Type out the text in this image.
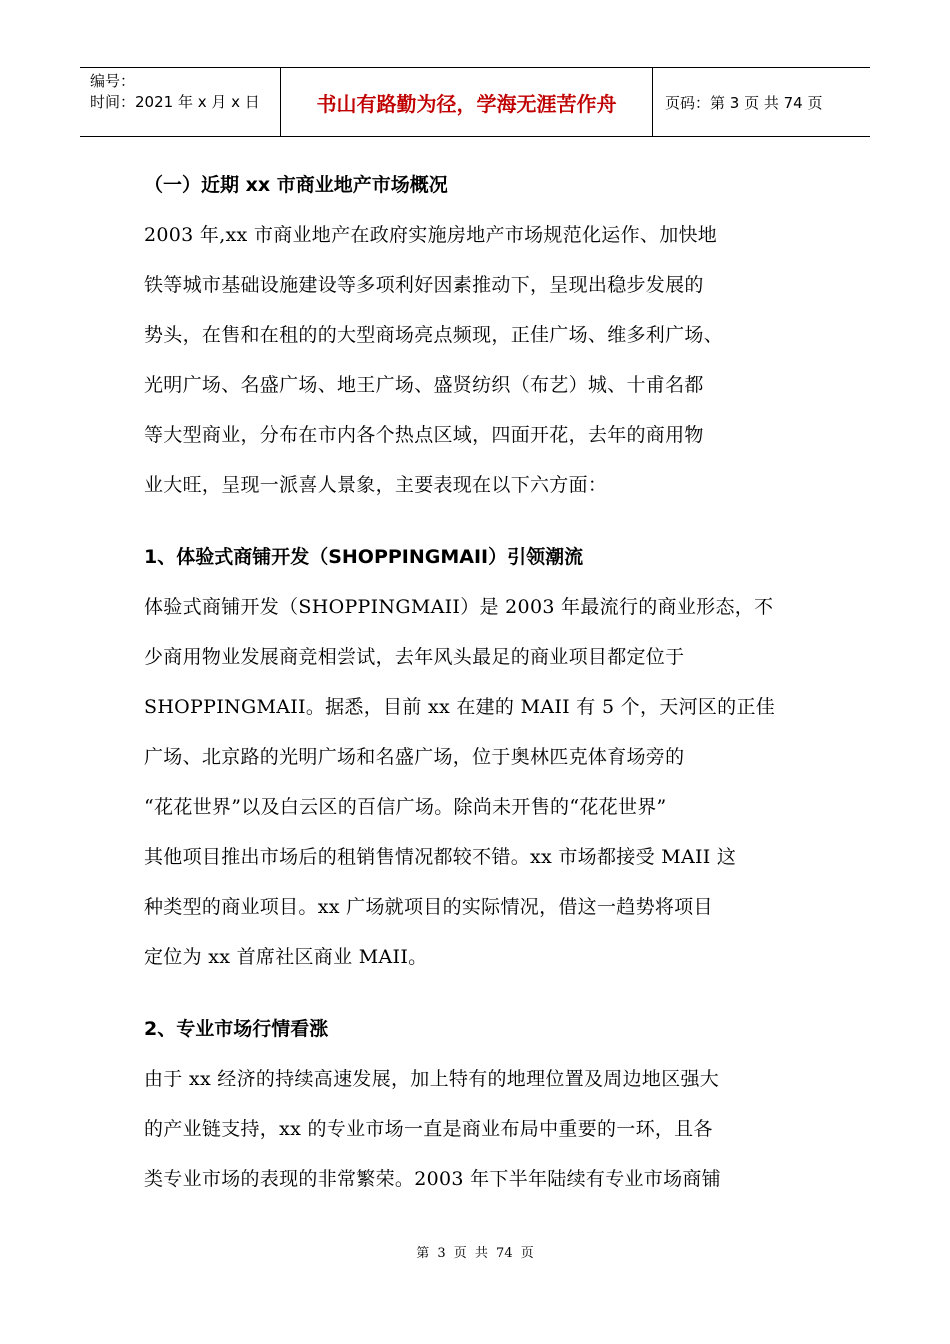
编号：
时间：2021 年 x 月 x 日	书山有路勤为径，学海无涯苦作舟	页码：第 3 页 共 74 页
（一）近期 xx 市商业地产市场概况
2003 年,xx 市商业地产在政府实施房地产市场规范化运作、加快地
铁等城市基础设施建设等多项利好因素推动下，呈现出稳步发展的
势头，在售和在租的的大型商场亮点频现，正佳广场、维多利广场、
光明广场、名盛广场、地王广场、盛贤纺织（布艺）城、十甫名都
等大型商业，分布在市内各个热点区域，四面开花，去年的商用物
业大旺，呈现一派喜人景象，主要表现在以下六方面：
1、体验式商铺开发（SHOPPINGMAII）引领潮流
体验式商铺开发（SHOPPINGMAII）是 2003 年最流行的商业形态，不
少商用物业发展商竞相尝试，去年风头最足的商业项目都定位于
SHOPPINGMAII。据悉，目前 xx 在建的 MAII 有 5 个，天河区的正佳
广场、北京路的光明广场和名盛广场，位于奥林匹克体育场旁的
“花花世界”以及白云区的百信广场。除尚未开售的“花花世界”
其他项目推出市场后的租销售情况都较不错。xx 市场都接受 MAII 这
种类型的商业项目。xx 广场就项目的实际情况，借这一趋势将项目
定位为 xx 首席社区商业 MAII。
2、专业市场行情看涨
由于 xx 经济的持续高速发展，加上特有的地理位置及周边地区强大
的产业链支持，xx 的专业市场一直是商业布局中重要的一环，且各
类专业市场的表现的非常繁荣。2003 年下半年陆续有专业市场商铺
第 3 页 共 74 页
